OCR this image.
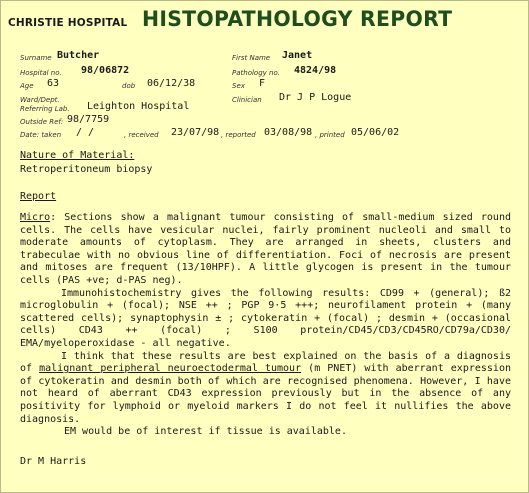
CHRISTIE HOSPITAL HISTOPATHOLOGY REPORT
Surname Butcher	First Name Janet
Hospital no. 98/06872	Pathology no. 4824/98
Age 63	dob 06/12/38	Sex F
Ward/Dept.	Clinician Dr J P Logue
Referring Lab. Leighton Hospital
Outside Ref: 98/7759
Date: taken / /	, received 23/07/98 , reported 03/08/98 , printed 05/06/02
Nature of Material:
Retroperitoneum biopsy
Report

Micro: Sections show a malignant tumour consisting of small-medium sized round cells. The cells have vesicular nuclei, fairly prominent nucleoli and small to moderate amounts of cytoplasm. They are arranged in sheets, clusters and trabeculae with no obvious line of differentiation. Foci of necrosis are present and mitoses are frequent (13/10HPF). A little glycogen is present in the tumour cells (PAS +ve; d-PAS neg).

Immunohistochemistry gives the following results: CD99 + (general); ß2 microglobulin + (focal); NSE ++ ; PGP 9·5 +++; neurofilament protein + (many scattered cells); synaptophysin ± ; cytokeratin + (focal) ; desmin + (occasional cells) CD43 ++ (focal) ; S100 protein/CD45/CD3/CD45RO/CD79a/CD30/ EMA/myeloperoxidase - all negative.

I think that these results are best explained on the basis of a diagnosis of malignant peripheral neuroectodermal tumour (m PNET) with aberrant expression of cytokeratin and desmin both of which are recognised phenomena. However, I have not heard of aberrant CD43 expression previously but in the absence of any positivity for lymphoid or myeloid markers I do not feel it nullifies the above diagnosis.

EM would be of interest if tissue is available.

Dr M Harris
